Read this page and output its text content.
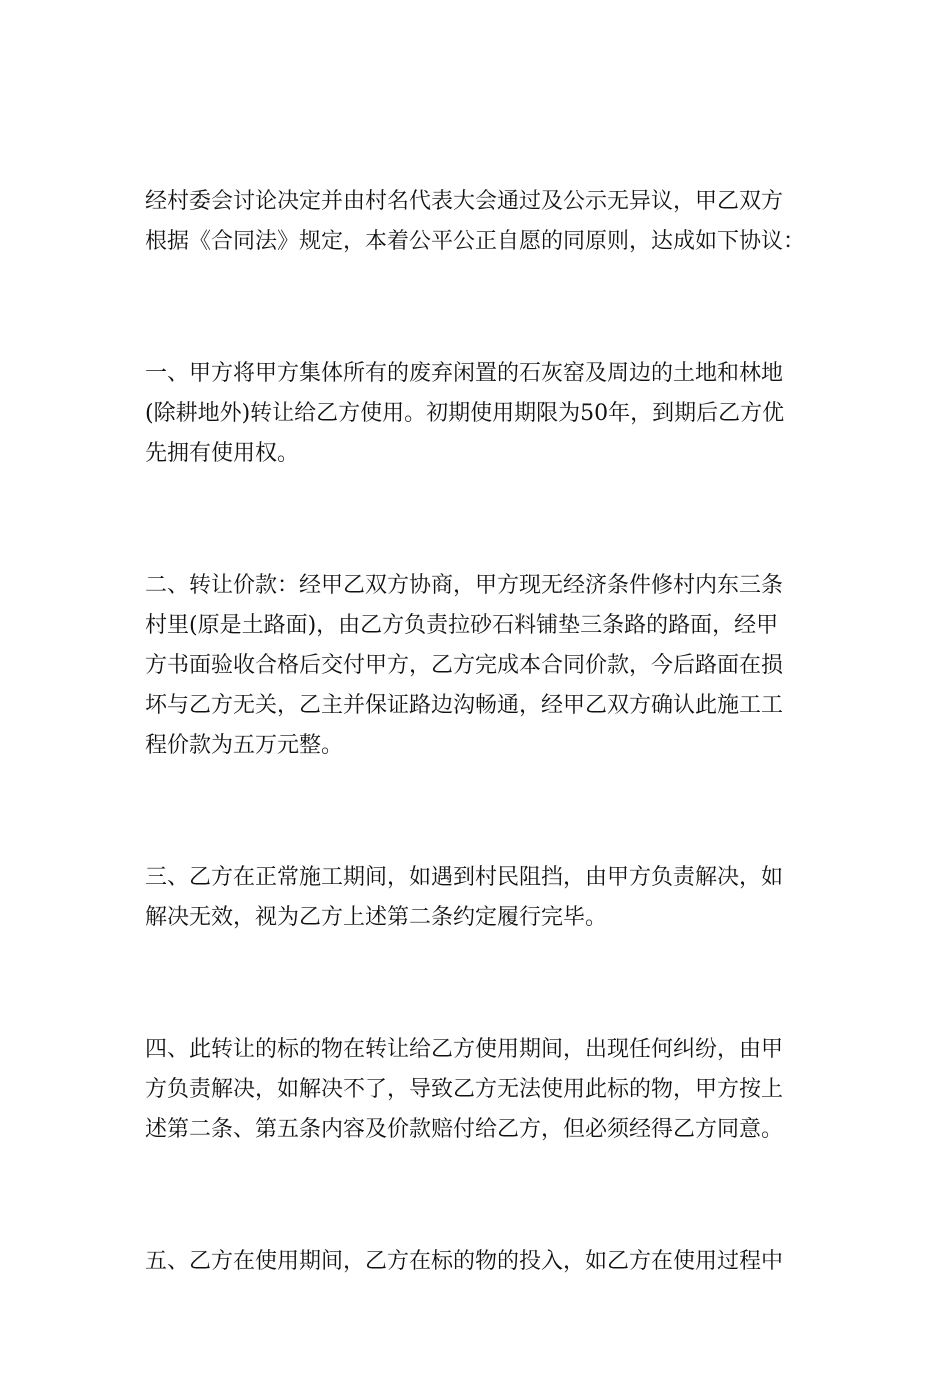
经村委会讨论决定并由村名代表大会通过及公示无异议，甲乙双方
根据《合同法》规定，本着公平公正自愿的同原则，达成如下协议：
一、甲方将甲方集体所有的废弃闲置的石灰窑及周边的土地和林地
(除耕地外)转让给乙方使用。初期使用期限为50年，到期后乙方优
先拥有使用权。
二、转让价款：经甲乙双方协商，甲方现无经济条件修村内东三条
村里(原是土路面)，由乙方负责拉砂石料铺垫三条路的路面，经甲
方书面验收合格后交付甲方，乙方完成本合同价款，今后路面在损
坏与乙方无关，乙主并保证路边沟畅通，经甲乙双方确认此施工工
程价款为五万元整。
三、乙方在正常施工期间，如遇到村民阻挡，由甲方负责解决，如
解决无效，视为乙方上述第二条约定履行完毕。
四、此转让的标的物在转让给乙方使用期间，出现任何纠纷，由甲
方负责解决，如解决不了，导致乙方无法使用此标的物，甲方按上
述第二条、第五条内容及价款赔付给乙方，但必须经得乙方同意。
五、乙方在使用期间，乙方在标的物的投入，如乙方在使用过程中
